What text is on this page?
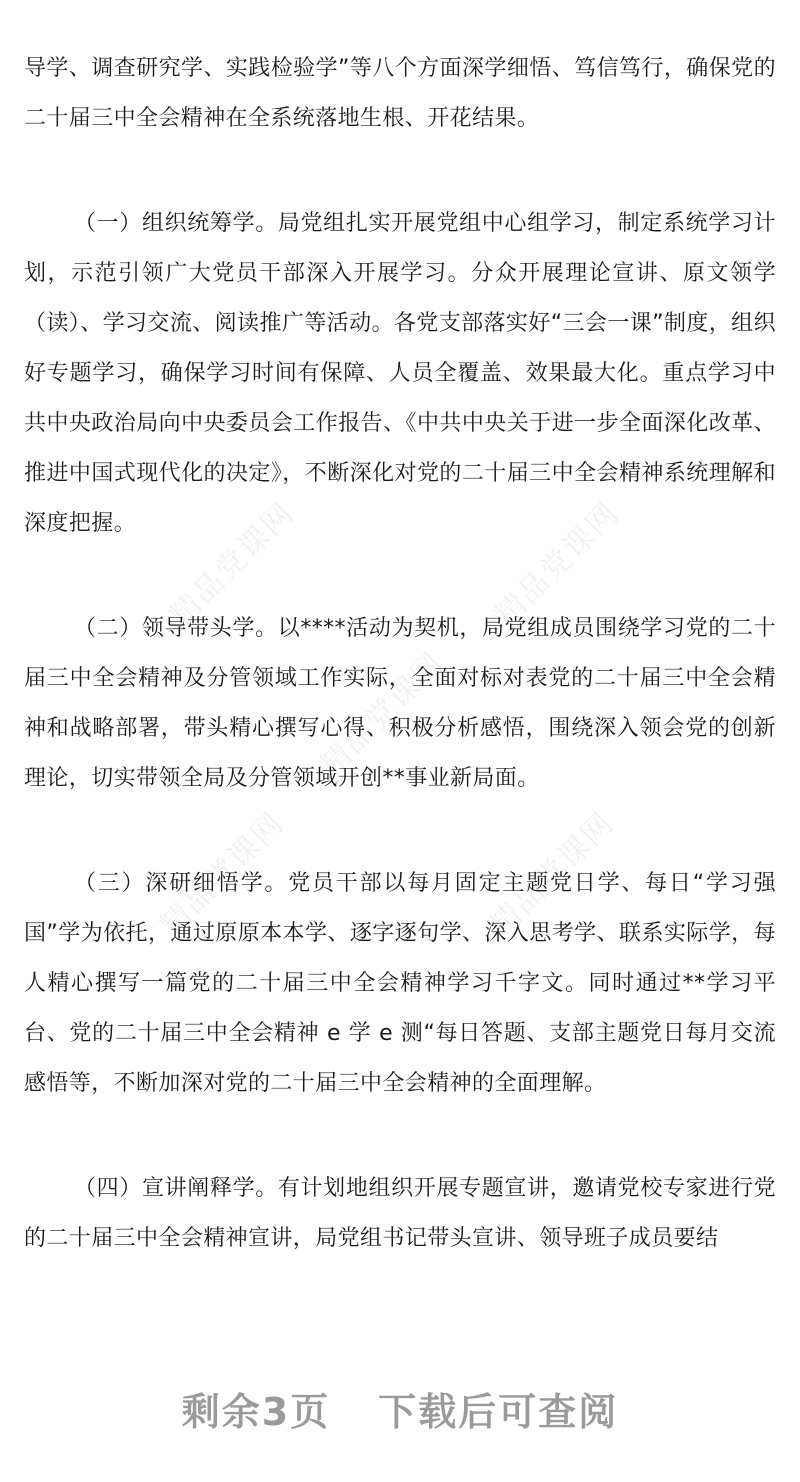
精品党课网	精品党课网
精品党课网
精品党课网	精品党课网

导学、调查研究学、实践检验学”等八个方面深学细悟、笃信笃行，确保党的二十届三中全会精神在全系统落地生根、开花结果。

（一）组织统筹学。局党组扎实开展党组中心组学习，制定系统学习计划，示范引领广大党员干部深入开展学习。分众开展理论宣讲、原文领学（读）、学习交流、阅读推广等活动。各党支部落实好“三会一课”制度，组织好专题学习，确保学习时间有保障、人员全覆盖、效果最大化。重点学习中共中央政治局向中央委员会工作报告、《中共中央关于进一步全面深化改革、推进中国式现代化的决定》，不断深化对党的二十届三中全会精神系统理解和深度把握。

（二）领导带头学。以****活动为契机，局党组成员围绕学习党的二十届三中全会精神及分管领域工作实际，全面对标对表党的二十届三中全会精神和战略部署，带头精心撰写心得、积极分析感悟，围绕深入领会党的创新理论，切实带领全局及分管领域开创**事业新局面。

（三）深研细悟学。党员干部以每月固定主题党日学、每日“学习强国”学为依托，通过原原本本学、逐字逐句学、深入思考学、联系实际学，每人精心撰写一篇党的二十届三中全会精神学习千字文。同时通过**学习平台、党的二十届三中全会精神 e 学 e 测“每日答题、支部主题党日每月交流感悟等，不断加深对党的二十届三中全会精神的全面理解。

（四）宣讲阐释学。有计划地组织开展专题宣讲，邀请党校专家进行党的二十届三中全会精神宣讲，局党组书记带头宣讲、领导班子成员要结

剩余3页 下载后可查阅
